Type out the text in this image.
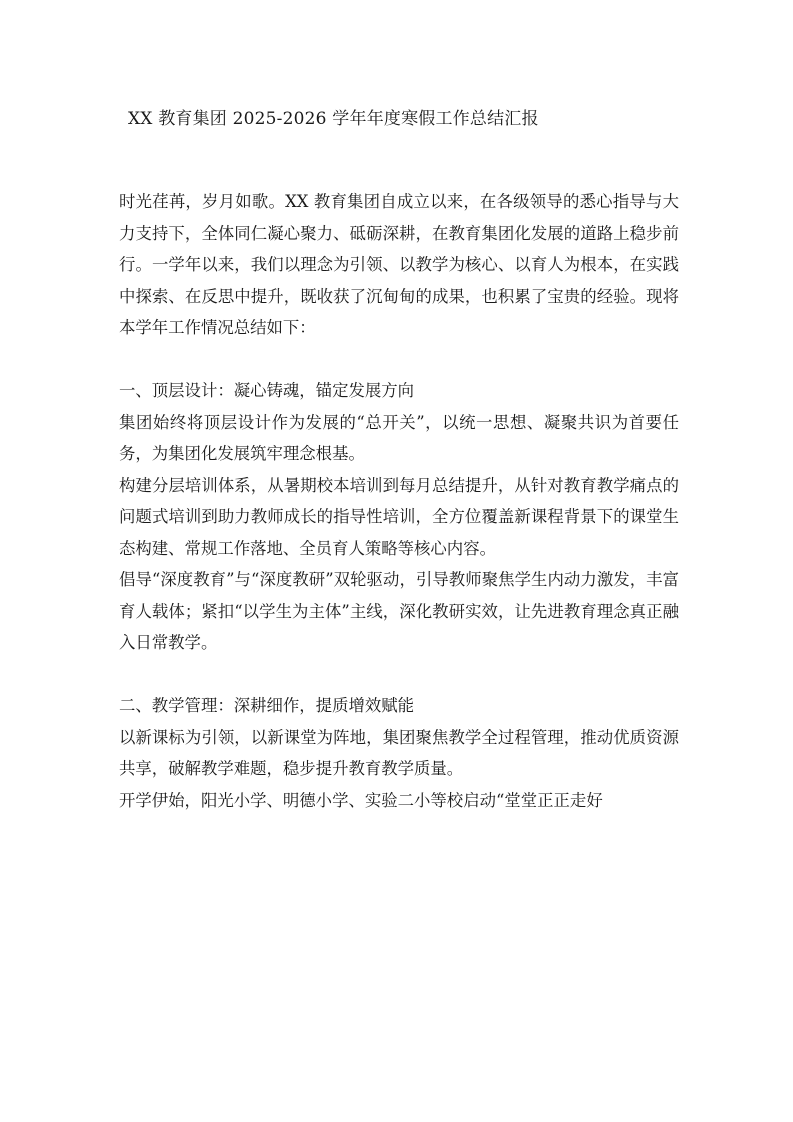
XX 教育集团 2025-2026 学年年度寒假工作总结汇报

时光荏苒，岁月如歌。XX 教育集团自成立以来，在各级领导的悉心指导与大力支持下，全体同仁凝心聚力、砥砺深耕，在教育集团化发展的道路上稳步前行。一学年以来，我们以理念为引领、以教学为核心、以育人为根本，在实践中探索、在反思中提升，既收获了沉甸甸的成果，也积累了宝贵的经验。现将本学年工作情况总结如下：

一、顶层设计：凝心铸魂，锚定发展方向

集团始终将顶层设计作为发展的“总开关”，以统一思想、凝聚共识为首要任务，为集团化发展筑牢理念根基。

构建分层培训体系，从暑期校本培训到每月总结提升，从针对教育教学痛点的问题式培训到助力教师成长的指导性培训，全方位覆盖新课程背景下的课堂生态构建、常规工作落地、全员育人策略等核心内容。

倡导“深度教育”与“深度教研”双轮驱动，引导教师聚焦学生内动力激发，丰富育人载体；紧扣“以学生为主体”主线，深化教研实效，让先进教育理念真正融入日常教学。

二、教学管理：深耕细作，提质增效赋能

以新课标为引领，以新课堂为阵地，集团聚焦教学全过程管理，推动优质资源共享，破解教学难题，稳步提升教育教学质量。

开学伊始，阳光小学、明德小学、实验二小等校启动“堂堂正正走好
